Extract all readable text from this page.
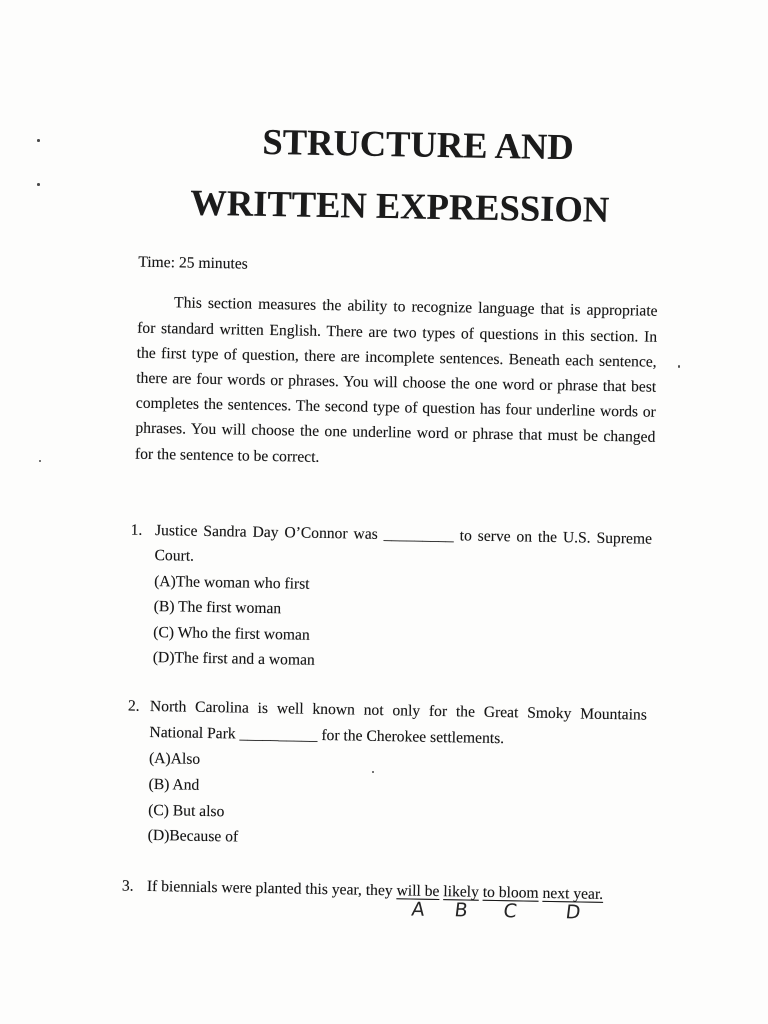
STRUCTURE AND
WRITTEN EXPRESSION
Time: 25 minutes
This section measures the ability to recognize language that is appropriate
for standard written English. There are two types of questions in this section. In
the first type of question, there are incomplete sentences. Beneath each sentence,
there are four words or phrases. You will choose the one word or phrase that best
completes the sentences. The second type of question has four underline words or
phrases. You will choose the one underline word or phrase that must be changed
for the sentence to be correct.
1. Justice Sandra Day O’Connor was _________ to serve on the U.S. Supreme
Court.
(A)The woman who first
(B) The first woman
(C) Who the first woman
(D)The first and a woman
2. North Carolina is well known not only for the Great Smoky Mountains
National Park __________ for the Cherokee settlements.
(A)Also
(B) And
(C) But also
(D)Because of
3. If biennials were planted this year, they will be
A
likely
B
to bloom
C
next year.
D
